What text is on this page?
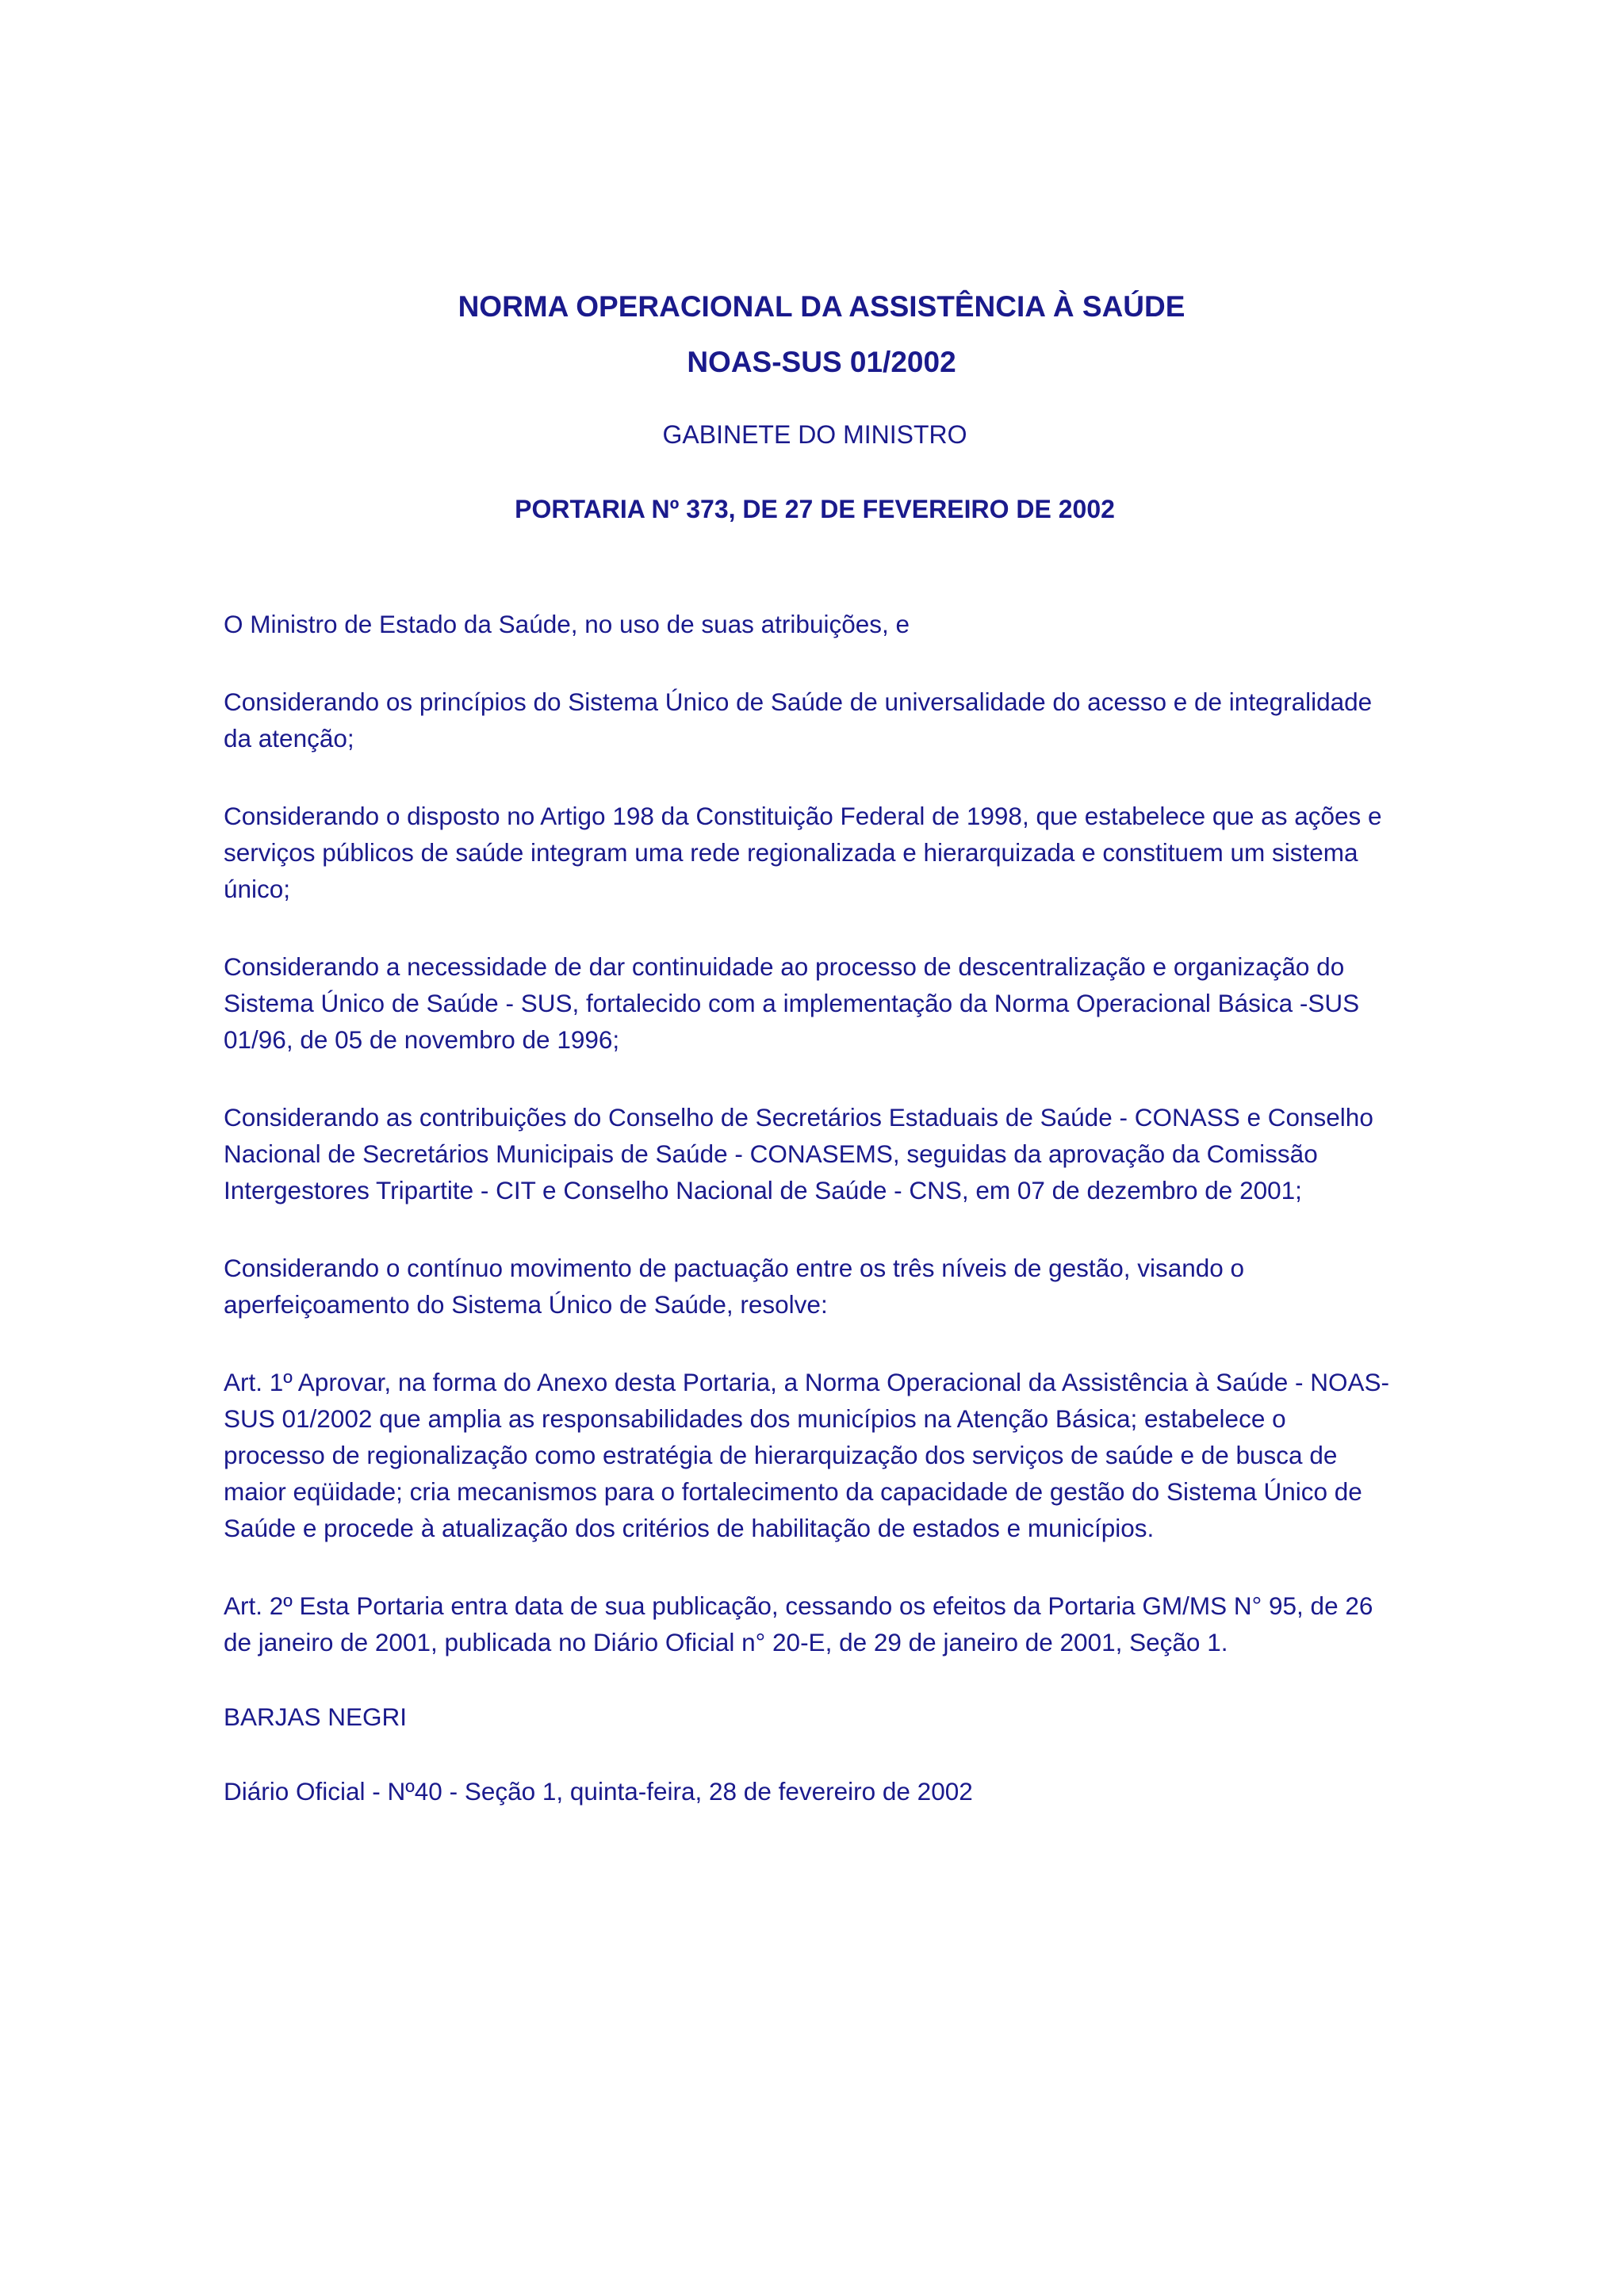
NORMA OPERACIONAL DA ASSISTÊNCIA À SAÚDE
NOAS-SUS 01/2002
GABINETE DO MINISTRO
PORTARIA Nº 373, DE 27 DE FEVEREIRO DE 2002

O Ministro de Estado da Saúde, no uso de suas atribuições, e

Considerando os princípios do Sistema Único de Saúde de universalidade do acesso e de integralidade da atenção;

Considerando o disposto no Artigo 198 da Constituição Federal de 1998, que estabelece que as ações e serviços públicos de saúde integram uma rede regionalizada e hierarquizada e constituem um sistema único;

Considerando a necessidade de dar continuidade ao processo de descentralização e organização do Sistema Único de Saúde - SUS, fortalecido com a implementação da Norma Operacional Básica -SUS 01/96, de 05 de novembro de 1996;

Considerando as contribuições do Conselho de Secretários Estaduais de Saúde - CONASS e Conselho Nacional de Secretários Municipais de Saúde - CONASEMS, seguidas da aprovação da Comissão Intergestores Tripartite - CIT e Conselho Nacional de Saúde - CNS, em 07 de dezembro de 2001;

Considerando o contínuo movimento de pactuação entre os três níveis de gestão, visando o aperfeiçoamento do Sistema Único de Saúde, resolve:

Art. 1º Aprovar, na forma do Anexo desta Portaria, a Norma Operacional da Assistência à Saúde - NOAS-SUS 01/2002 que amplia as responsabilidades dos municípios na Atenção Básica; estabelece o processo de regionalização como estratégia de hierarquização dos serviços de saúde e de busca de maior eqüidade; cria mecanismos para o fortalecimento da capacidade de gestão do Sistema Único de Saúde e procede à atualização dos critérios de habilitação de estados e municípios.

Art. 2º Esta Portaria entra data de sua publicação, cessando os efeitos da Portaria GM/MS N° 95, de 26 de janeiro de 2001, publicada no Diário Oficial n° 20-E, de 29 de janeiro de 2001, Seção 1.

BARJAS NEGRI

Diário Oficial - Nº40 - Seção 1, quinta-feira, 28 de fevereiro de 2002
